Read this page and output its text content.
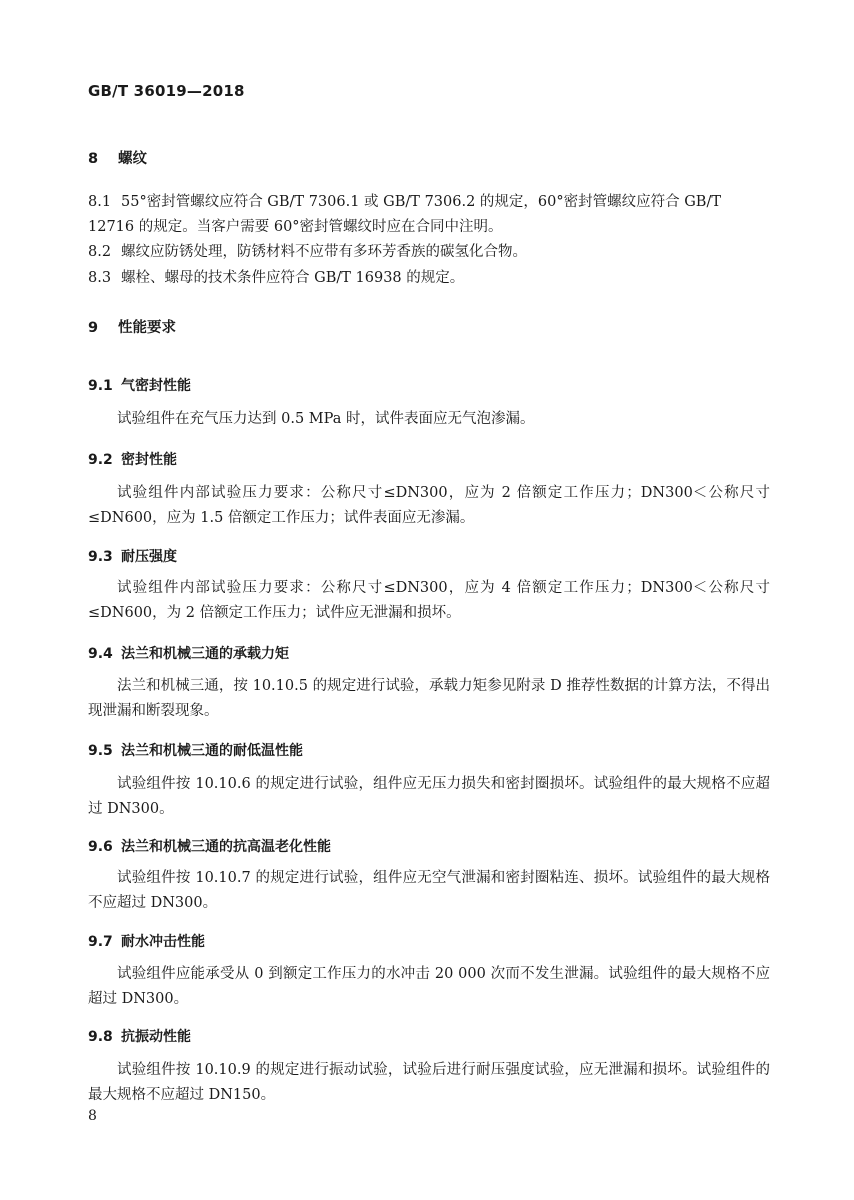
GB/T 36019—2018
8 螺纹
8.1 55°密封管螺纹应符合 GB/T 7306.1 或 GB/T 7306.2 的规定，60°密封管螺纹应符合 GB/T 12716 的规定。当客户需要 60°密封管螺纹时应在合同中注明。
8.2 螺纹应防锈处理，防锈材料不应带有多环芳香族的碳氢化合物。
8.3 螺栓、螺母的技术条件应符合 GB/T 16938 的规定。
9 性能要求
9.1 气密封性能
试验组件在充气压力达到 0.5 MPa 时，试件表面应无气泡渗漏。
9.2 密封性能
试验组件内部试验压力要求：公称尺寸≤DN300，应为 2 倍额定工作压力；DN300＜公称尺寸≤DN600，应为 1.5 倍额定工作压力；试件表面应无渗漏。
9.3 耐压强度
试验组件内部试验压力要求：公称尺寸≤DN300，应为 4 倍额定工作压力；DN300＜公称尺寸≤DN600，为 2 倍额定工作压力；试件应无泄漏和损坏。
9.4 法兰和机械三通的承载力矩
法兰和机械三通，按 10.10.5 的规定进行试验，承载力矩参见附录 D 推荐性数据的计算方法，不得出现泄漏和断裂现象。
9.5 法兰和机械三通的耐低温性能
试验组件按 10.10.6 的规定进行试验，组件应无压力损失和密封圈损坏。试验组件的最大规格不应超过 DN300。
9.6 法兰和机械三通的抗高温老化性能
试验组件按 10.10.7 的规定进行试验，组件应无空气泄漏和密封圈粘连、损坏。试验组件的最大规格不应超过 DN300。
9.7 耐水冲击性能
试验组件应能承受从 0 到额定工作压力的水冲击 20 000 次而不发生泄漏。试验组件的最大规格不应超过 DN300。
9.8 抗振动性能
试验组件按 10.10.9 的规定进行振动试验，试验后进行耐压强度试验，应无泄漏和损坏。试验组件的最大规格不应超过 DN150。
8
